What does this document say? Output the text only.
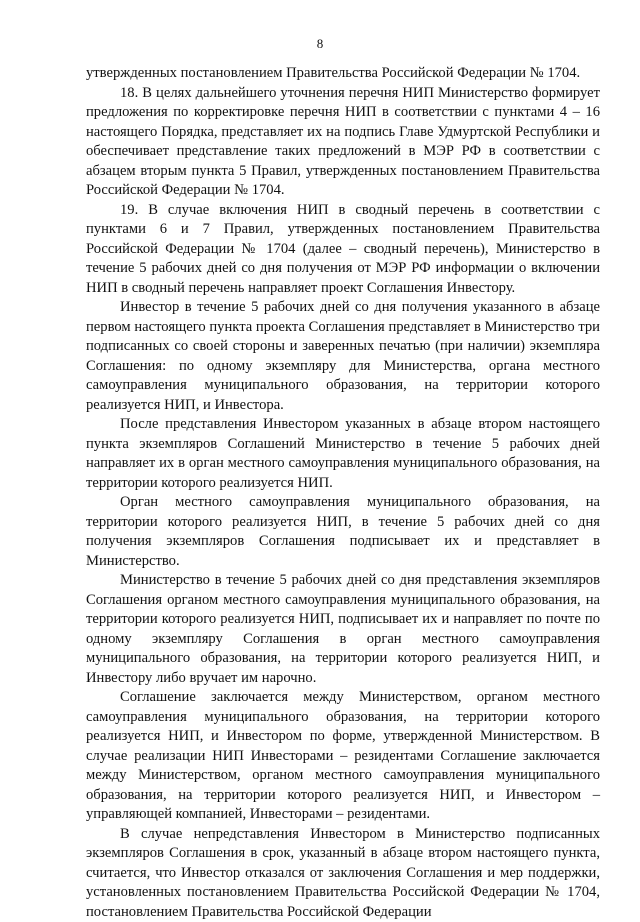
8

утвержденных постановлением Правительства Российской Федерации № 1704.

18. В целях дальнейшего уточнения перечня НИП Министерство формирует предложения по корректировке перечня НИП в соответствии с пунктами 4 – 16 настоящего Порядка, представляет их на подпись Главе Удмуртской Республики и обеспечивает представление таких предложений в МЭР РФ в соответствии с абзацем вторым пункта 5 Правил, утвержденных постановлением Правительства Российской Федерации № 1704.

19. В случае включения НИП в сводный перечень в соответствии с пунктами 6 и 7 Правил, утвержденных постановлением Правительства Российской Федерации № 1704 (далее – сводный перечень), Министерство в течение 5 рабочих дней со дня получения от МЭР РФ информации о включении НИП в сводный перечень направляет проект Соглашения Инвестору.

Инвестор в течение 5 рабочих дней со дня получения указанного в абзаце первом настоящего пункта проекта Соглашения представляет в Министерство три подписанных со своей стороны и заверенных печатью (при наличии) экземпляра Соглашения: по одному экземпляру для Министерства, органа местного самоуправления муниципального образования, на территории которого реализуется НИП, и Инвестора.

После представления Инвестором указанных в абзаце втором настоящего пункта экземпляров Соглашений Министерство в течение 5 рабочих дней направляет их в орган местного самоуправления муниципального образования, на территории которого реализуется НИП.

Орган местного самоуправления муниципального образования, на территории которого реализуется НИП, в течение 5 рабочих дней со дня получения экземпляров Соглашения подписывает их и представляет в Министерство.

Министерство в течение 5 рабочих дней со дня представления экземпляров Соглашения органом местного самоуправления муниципального образования, на территории которого реализуется НИП, подписывает их и направляет по почте по одному экземпляру Соглашения в орган местного самоуправления муниципального образования, на территории которого реализуется НИП, и Инвестору либо вручает им нарочно.

Соглашение заключается между Министерством, органом местного самоуправления муниципального образования, на территории которого реализуется НИП, и Инвестором по форме, утвержденной Министерством. В случае реализации НИП Инвесторами – резидентами Соглашение заключается между Министерством, органом местного самоуправления муниципального образования, на территории которого реализуется НИП, и Инвестором – управляющей компанией, Инвесторами – резидентами.

В случае непредставления Инвестором в Министерство подписанных экземпляров Соглашения в срок, указанный в абзаце втором настоящего пункта, считается, что Инвестор отказался от заключения Соглашения и мер поддержки, установленных постановлением Правительства Российской Федерации № 1704, постановлением Правительства Российской Федерации
